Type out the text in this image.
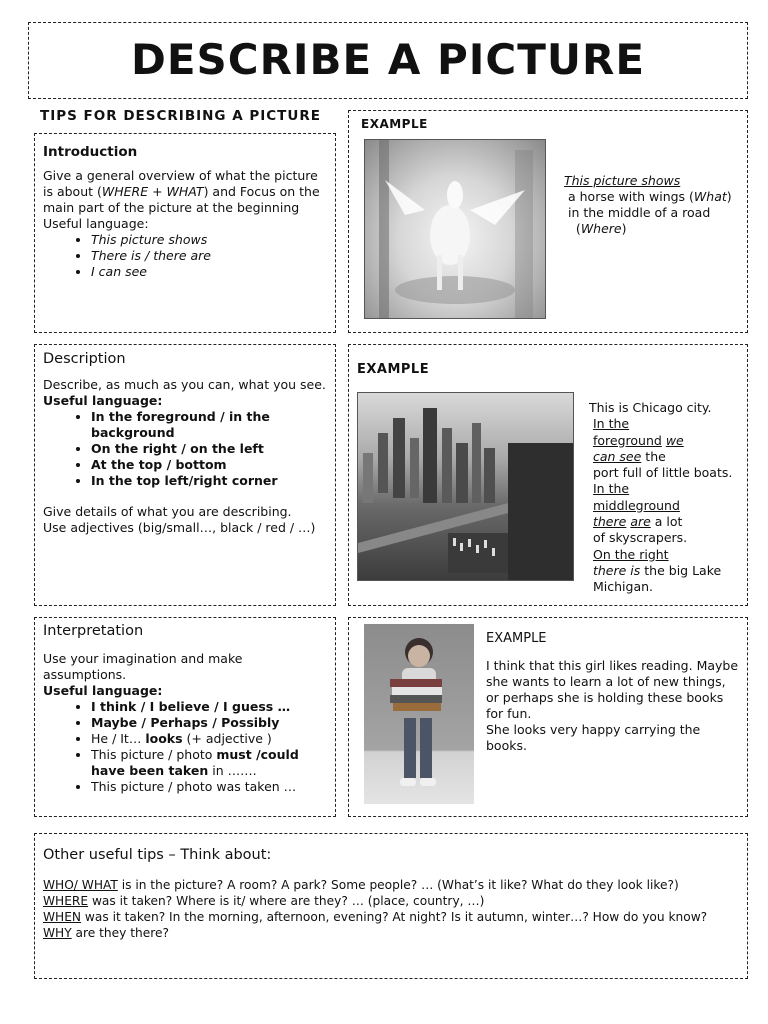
DESCRIBE A PICTURE
TIPS FOR DESCRIBING A PICTURE
Introduction
Give a general overview of what the picture is about (WHERE + WHAT) and Focus on the main part of the picture at the beginning
Useful language:
• This picture shows
• There is / there are
• I can see
EXAMPLE
This picture shows
a horse with wings (What)
in the middle of a road
(Where)
Description
Describe, as much as you can, what you see.
Useful language:
• In the foreground / in the background
• On the right / on the left
• At the top / bottom
• In the top left/right corner
Give details of what you are describing.
Use adjectives (big/small…, black / red / …)
EXAMPLE
This is Chicago city.
In the
foreground we
can see the
port full of little boats.
In the
middleground
there are a lot
of skyscrapers.
On the right
there is the big Lake
Michigan.
Interpretation
Use your imagination and make assumptions.
Useful language:
• I think / I believe / I guess …
• Maybe / Perhaps / Possibly
• He / It… looks (+ adjective )
• This picture / photo must /could have been taken in …….
• This picture / photo was taken …
EXAMPLE
I think that this girl likes reading. Maybe she wants to learn a lot of new things, or perhaps she is holding these books for fun.
She looks very happy carrying the books.
Other useful tips – Think about:
WHO/ WHAT is in the picture? A room? A park? Some people? … (What’s it like? What do they look like?)
WHERE was it taken? Where is it/ where are they? … (place, country, …)
WHEN was it taken? In the morning, afternoon, evening? At night? Is it autumn, winter…? How do you know?
WHY are they there?
